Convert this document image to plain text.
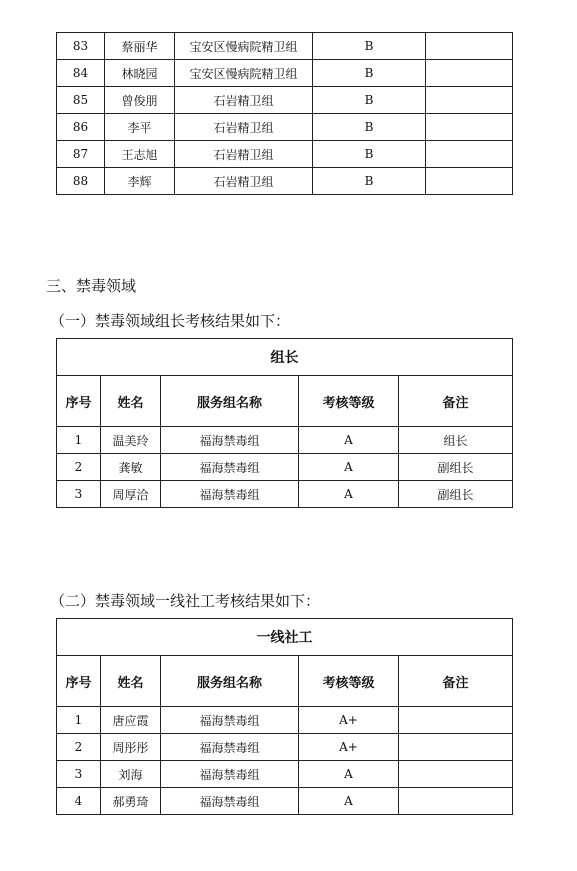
83	蔡丽华	宝安区慢病院精卫组	B	
84	林晓园	宝安区慢病院精卫组	B	
85	曾俊朋	石岩精卫组	B	
86	李平	石岩精卫组	B	
87	王志旭	石岩精卫组	B	
88	李辉	石岩精卫组	B	
三、禁毒领域
（一）禁毒领域组长考核结果如下：
组长				
序号	姓名	服务组名称	考核等级	备注
1	温美玲	福海禁毒组	A	组长
2	龚敏	福海禁毒组	A	副组长
3	周厚洽	福海禁毒组	A	副组长
（二）禁毒领域一线社工考核结果如下：
一线社工				
序号	姓名	服务组名称	考核等级	备注
1	唐应霞	福海禁毒组	A+	
2	周彤彤	福海禁毒组	A+	
3	刘海	福海禁毒组	A	
4	郝勇琦	福海禁毒组	A	
